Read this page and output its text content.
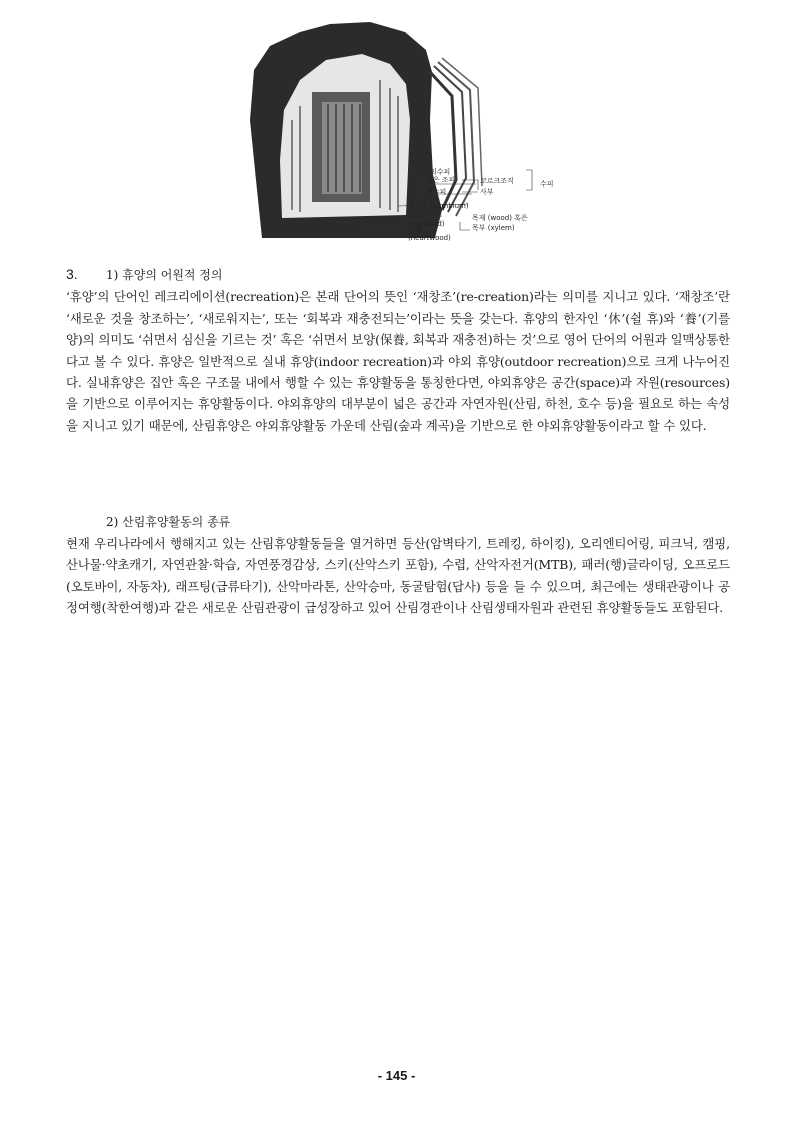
외수피
혹은 조피
내수피
코르크조직
사부
수피
형성층 (cambium)
변재
(sapwood)
심재
(heartwood)
목재 (wood) 혹은
목부 (xylem)
3.	1) 휴양의 어원적 정의

‘휴양’의 단어인 레크리에이션(recreation)은 본래 단어의 뜻인 ‘재창조’(re-creation)라는 의미를 지니고 있다. ‘재창조’란 ‘새로운 것을 창조하는’, ‘새로워지는’, 또는 ‘회복과 재충전되는’이라는 뜻을 갖는다. 휴양의 한자인 ‘休’(쉴 휴)와 ‘養’(기를 양)의 의미도 ‘쉬면서 심신을 기르는 것’ 혹은 ‘쉬면서 보양(保養, 회복과 재충전)하는 것’으로 영어 단어의 어원과 일맥상통한다고 볼 수 있다. 휴양은 일반적으로 실내 휴양(indoor recreation)과 야외 휴양(outdoor recreation)으로 크게 나누어진다. 실내휴양은 집안 혹은 구조물 내에서 행할 수 있는 휴양활동을 통칭한다면, 야외휴양은 공간(space)과 자원(resources)을 기반으로 이루어지는 휴양활동이다. 야외휴양의 대부분이 넓은 공간과 자연자원(산림, 하천, 호수 등)을 필요로 하는 속성을 지니고 있기 때문에, 산림휴양은 야외휴양활동 가운데 산림(숲과 계곡)을 기반으로 한 야외휴양활동이라고 할 수 있다.

2) 산림휴양활동의 종류

현재 우리나라에서 행해지고 있는 산림휴양활동들을 열거하면 등산(암벽타기, 트레킹, 하이킹), 오리엔티어링, 피크닉, 캠핑, 산나물·약초캐기, 자연관찰·학습, 자연풍경감상, 스키(산악스키 포함), 수렵, 산악자전거(MTB), 패러(행)글라이딩, 오프로드(오토바이, 자동차), 래프팅(급류타기), 산악마라톤, 산악승마, 동굴탐험(답사) 등을 들 수 있으며, 최근에는 생태관광이나 공정여행(착한여행)과 같은 새로운 산림관광이 급성장하고 있어 산림경관이나 산림생태자원과 관련된 휴양활동들도 포함된다.

- 145 -
